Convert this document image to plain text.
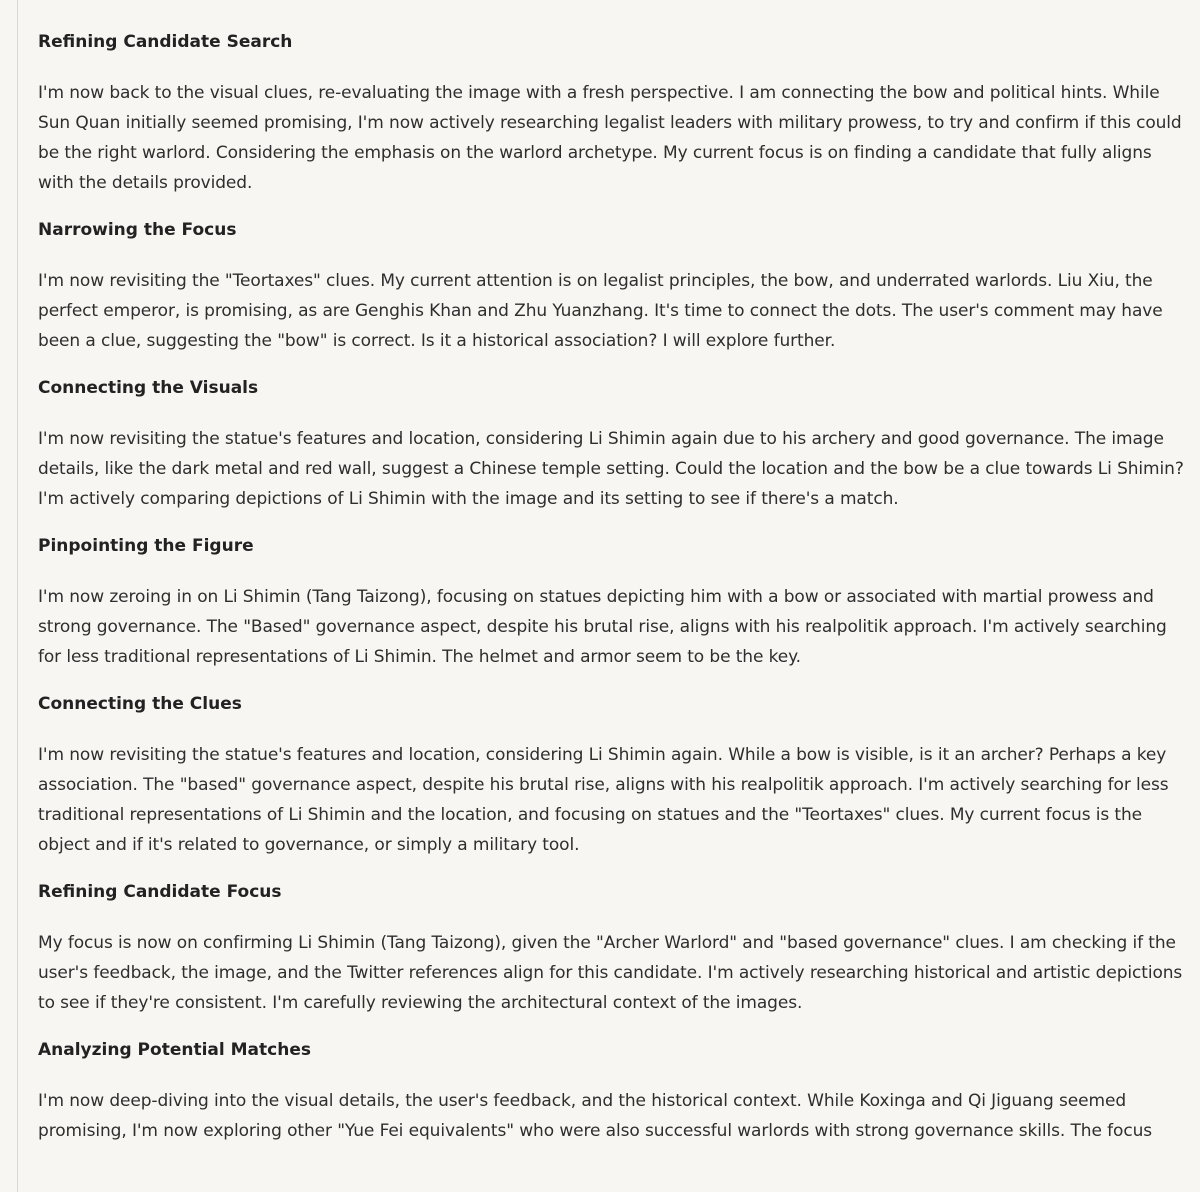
Refining Candidate Search
I'm now back to the visual clues, re-evaluating the image with a fresh perspective. I am connecting the bow and political hints. While Sun Quan initially seemed promising, I'm now actively researching legalist leaders with military prowess, to try and confirm if this could be the right warlord. Considering the emphasis on the warlord archetype. My current focus is on finding a candidate that fully aligns with the details provided.
Narrowing the Focus
I'm now revisiting the "Teortaxes" clues. My current attention is on legalist principles, the bow, and underrated warlords. Liu Xiu, the perfect emperor, is promising, as are Genghis Khan and Zhu Yuanzhang. It's time to connect the dots. The user's comment may have been a clue, suggesting the "bow" is correct. Is it a historical association? I will explore further.
Connecting the Visuals
I'm now revisiting the statue's features and location, considering Li Shimin again due to his archery and good governance. The image details, like the dark metal and red wall, suggest a Chinese temple setting. Could the location and the bow be a clue towards Li Shimin? I'm actively comparing depictions of Li Shimin with the image and its setting to see if there's a match.
Pinpointing the Figure
I'm now zeroing in on Li Shimin (Tang Taizong), focusing on statues depicting him with a bow or associated with martial prowess and strong governance. The "Based" governance aspect, despite his brutal rise, aligns with his realpolitik approach. I'm actively searching for less traditional representations of Li Shimin. The helmet and armor seem to be the key.
Connecting the Clues
I'm now revisiting the statue's features and location, considering Li Shimin again. While a bow is visible, is it an archer? Perhaps a key association. The "based" governance aspect, despite his brutal rise, aligns with his realpolitik approach. I'm actively searching for less traditional representations of Li Shimin and the location, and focusing on statues and the "Teortaxes" clues. My current focus is the object and if it's related to governance, or simply a military tool.
Refining Candidate Focus
My focus is now on confirming Li Shimin (Tang Taizong), given the "Archer Warlord" and "based governance" clues. I am checking if the user's feedback, the image, and the Twitter references align for this candidate. I'm actively researching historical and artistic depictions to see if they're consistent. I'm carefully reviewing the architectural context of the images.
Analyzing Potential Matches
I'm now deep-diving into the visual details, the user's feedback, and the historical context. While Koxinga and Qi Jiguang seemed promising, I'm now exploring other "Yue Fei equivalents" who were also successful warlords with strong governance skills. The focus
